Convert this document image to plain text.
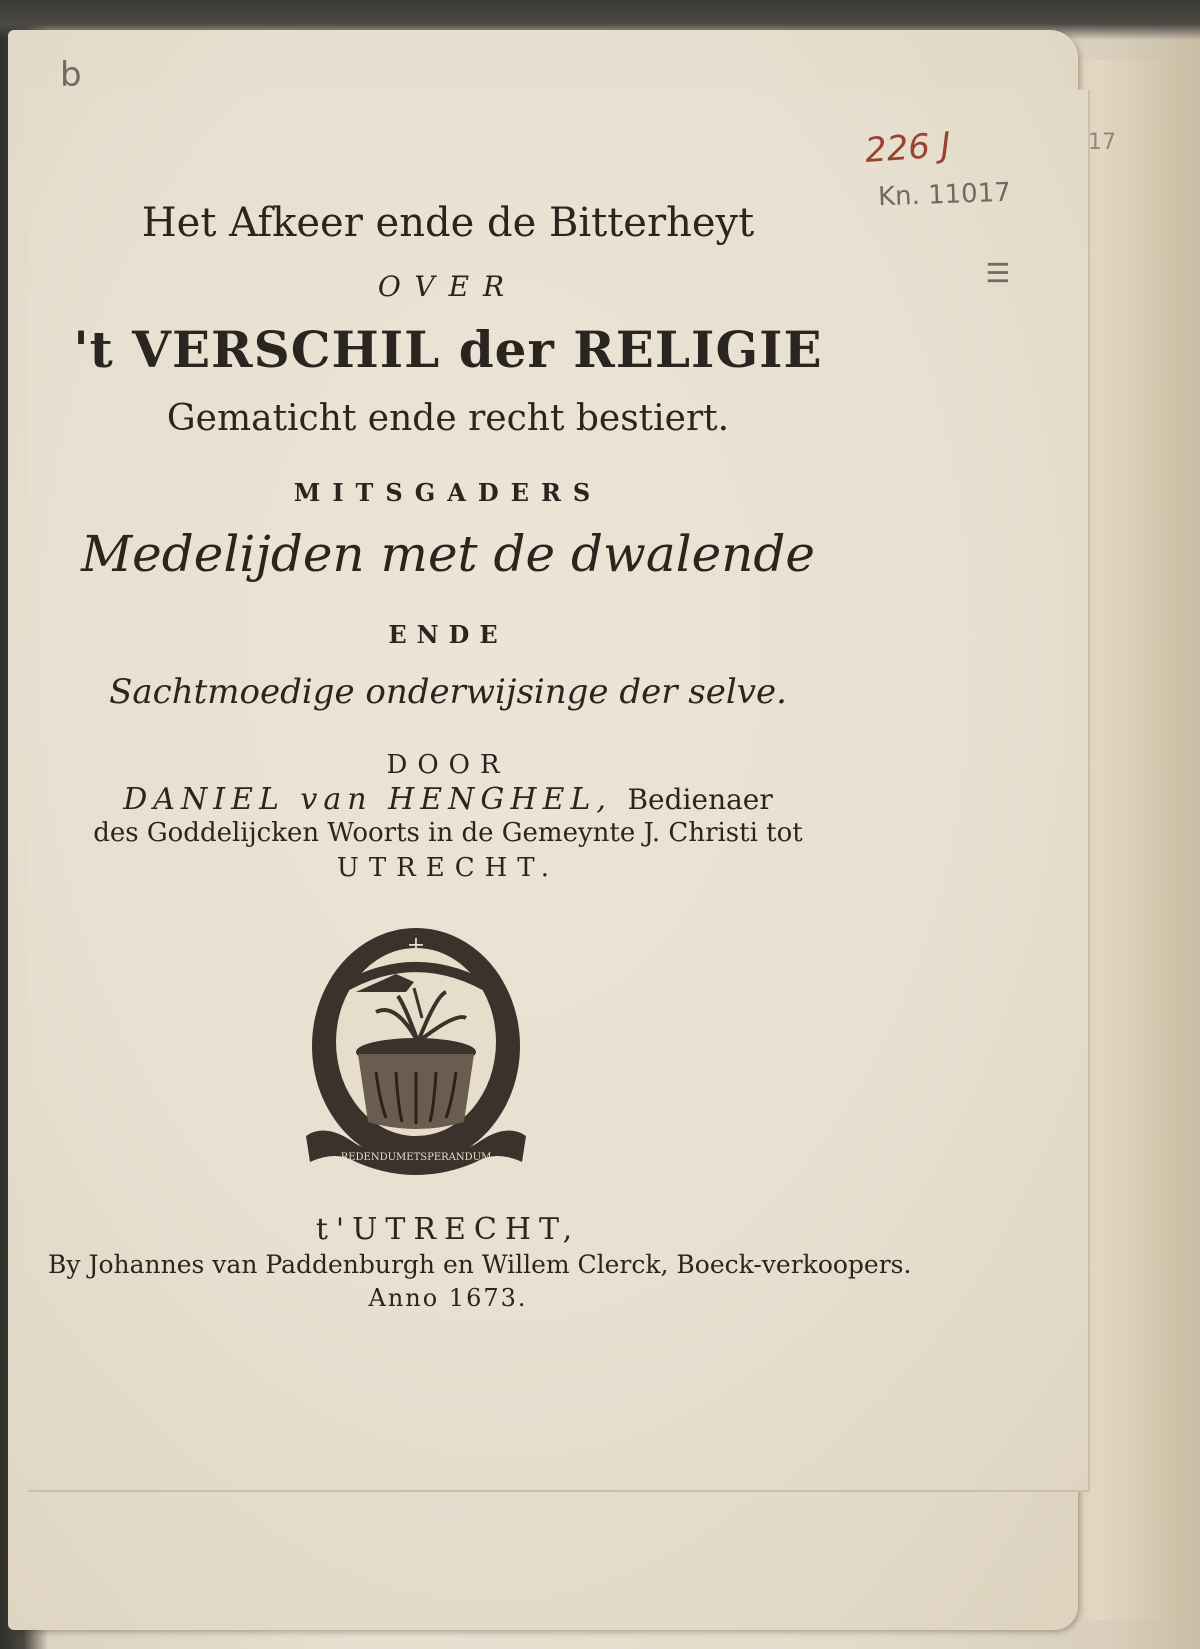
Het Afkeer ende de Bitterheyt
OVER
't VERSCHIL der RELIGIE
Gematicht ende recht bestiert.
MITSGADERS
Medelijden met de dwalende
ENDE
Sachtmoedige onderwijsinge der selve.
DOOR
DANIEL van HENGHEL, Bedienaer
des Goddelijcken Woorts in de Gemeynte J. Christi tot
UTRECHT.
+
REDENDUMETSPERANDUM
t'UTRECHT,
By Johannes van Paddenburgh en Willem Clerck, Boeck-verkoopers.
Anno 1673.
226 J
Kn. 11017
III
b
17
